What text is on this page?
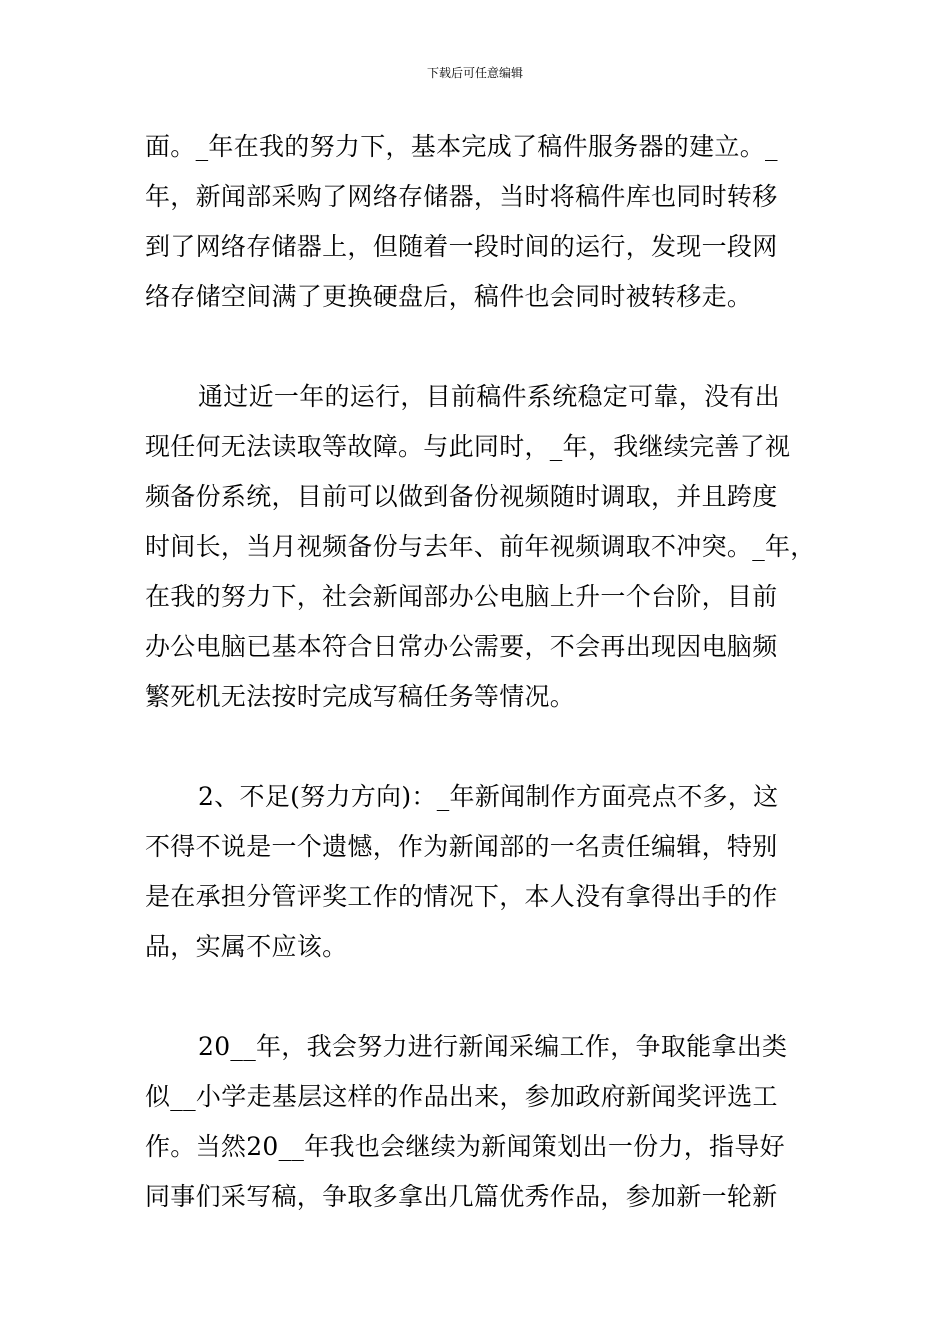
下载后可任意编辑
面。_年在我的努力下，基本完成了稿件服务器的建立。_
年，新闻部采购了网络存储器，当时将稿件库也同时转移
到了网络存储器上，但随着一段时间的运行，发现一段网
络存储空间满了更换硬盘后，稿件也会同时被转移走。
通过近一年的运行，目前稿件系统稳定可靠，没有出
现任何无法读取等故障。与此同时，_年，我继续完善了视
频备份系统，目前可以做到备份视频随时调取，并且跨度
时间长，当月视频备份与去年、前年视频调取不冲突。_年，
在我的努力下，社会新闻部办公电脑上升一个台阶，目前
办公电脑已基本符合日常办公需要，不会再出现因电脑频
繁死机无法按时完成写稿任务等情况。
2、不足(努力方向)：_年新闻制作方面亮点不多，这
不得不说是一个遗憾，作为新闻部的一名责任编辑，特别
是在承担分管评奖工作的情况下，本人没有拿得出手的作
品，实属不应该。
20__年，我会努力进行新闻采编工作，争取能拿出类
似__小学走基层这样的作品出来，参加政府新闻奖评选工
作。当然20__年我也会继续为新闻策划出一份力，指导好
同事们采写稿，争取多拿出几篇优秀作品，参加新一轮新
